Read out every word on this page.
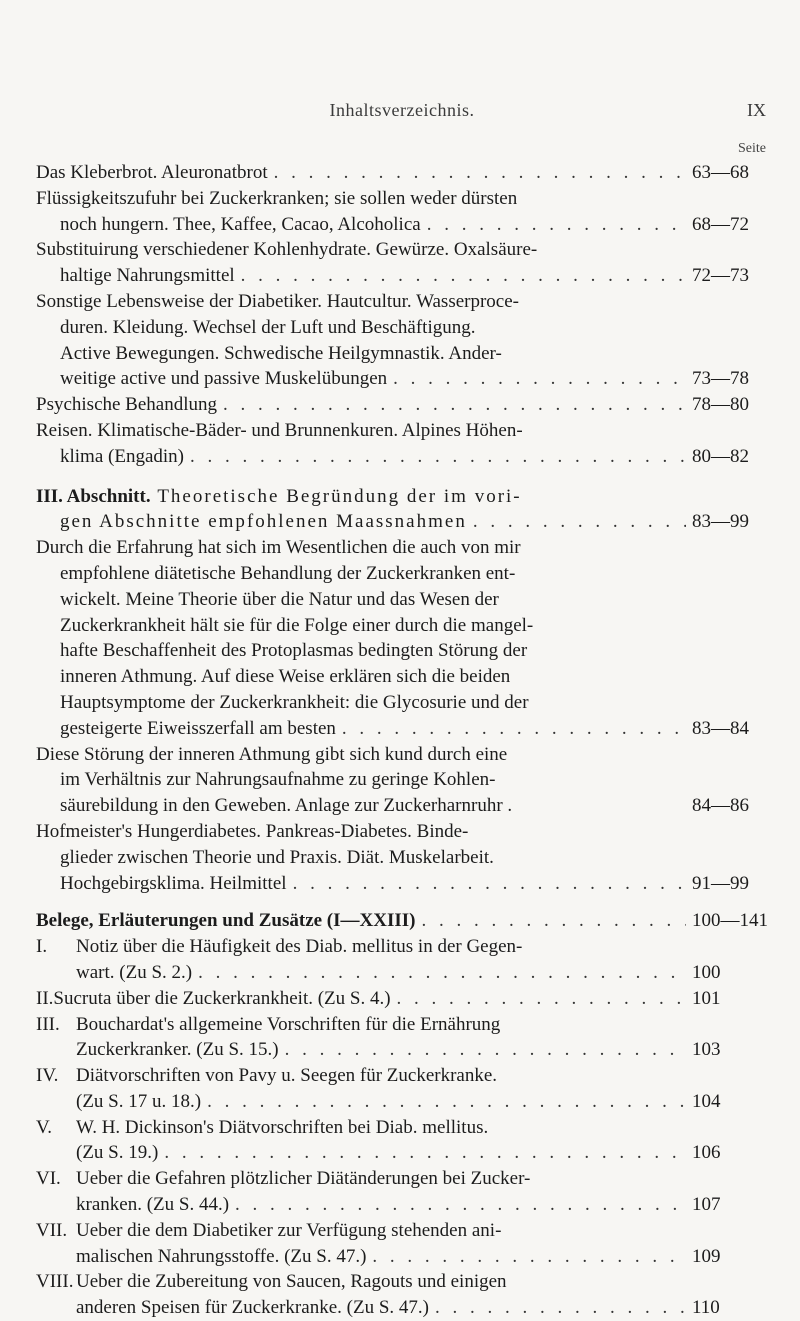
Inhaltsverzeichnis.	IX
Seite
Das Kleberbrot. Aleuronatbrot . . .	63—68
Flüssigkeitszufuhr bei Zuckerkranken; sie sollen weder dürsten
noch hungern. Thee, Kaffee, Cacao, Alcoholica . . .	68—72
Substituirung verschiedener Kohlenhydrate. Gewürze. Oxalsäure-
haltige Nahrungsmittel . . .	72—73
Sonstige Lebensweise der Diabetiker. Hautcultur. Wasserproce-
duren. Kleidung. Wechsel der Luft und Beschäftigung.
Active Bewegungen. Schwedische Heilgymnastik. Ander-
weitige active und passive Muskelübungen . . .	73—78
Psychische Behandlung . . .	78—80
Reisen. Klimatische-Bäder- und Brunnenkuren. Alpines Höhen-
klima (Engadin) . . .	80—82
III. Abschnitt. Theoretische Begründung der im vori-
gen Abschnitte empfohlenen Maassnahmen . . .	83—99
Durch die Erfahrung hat sich im Wesentlichen die auch von mir
empfohlene diätetische Behandlung der Zuckerkranken ent-
wickelt. Meine Theorie über die Natur und das Wesen der
Zuckerkrankheit hält sie für die Folge einer durch die mangel-
hafte Beschaffenheit des Protoplasmas bedingten Störung der
inneren Athmung. Auf diese Weise erklären sich die beiden
Hauptsymptome der Zuckerkrankheit: die Glycosurie und der
gesteigerte Eiweisszerfall am besten . . .	83—84
Diese Störung der inneren Athmung gibt sich kund durch eine
im Verhältnis zur Nahrungsaufnahme zu geringe Kohlen-
säurebildung in den Geweben. Anlage zur Zuckerharnruhr .	84—86
Hofmeister's Hungerdiabetes. Pankreas-Diabetes. Binde-
glieder zwischen Theorie und Praxis. Diät. Muskelarbeit.
Hochgebirgsklima. Heilmittel . . .	91—99
Belege, Erläuterungen und Zusätze (I—XXIII) . . .	100—141
I.	Notiz über die Häufigkeit des Diab. mellitus in der Gegen-
wart. (Zu S. 2.) . . .	100
II. Sucruta über die Zuckerkrankheit. (Zu S. 4.) . . .	101
III. Bouchardat's allgemeine Vorschriften für die Ernährung
Zuckerkranker. (Zu S. 15.) . . .	103
IV. Diätvorschriften von Pavy u. Seegen für Zuckerkranke.
(Zu S. 17 u. 18.) . . .	104
V.	W. H. Dickinson's Diätvorschriften bei Diab. mellitus.
(Zu S. 19.) . . .	106
VI. Ueber die Gefahren plötzlicher Diätänderungen bei Zucker-
kranken. (Zu S. 44.) . . .	107
VII. Ueber die dem Diabetiker zur Verfügung stehenden ani-
malischen Nahrungsstoffe. (Zu S. 47.) . . .	109
VIII. Ueber die Zubereitung von Saucen, Ragouts und einigen
anderen Speisen für Zuckerkranke. (Zu S. 47.) . . .	110
